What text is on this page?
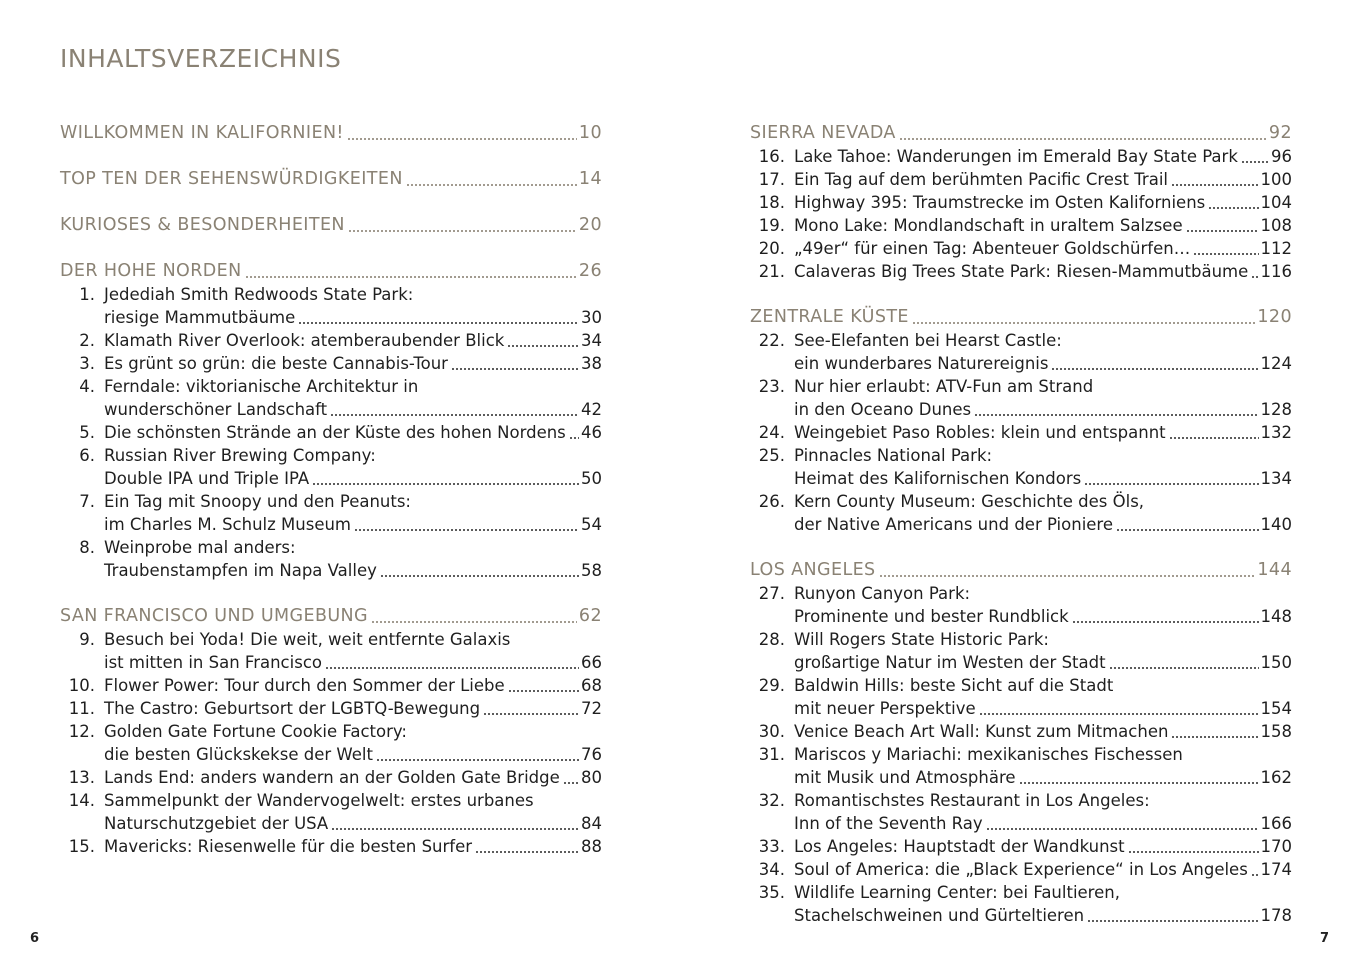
INHALTSVERZEICHNIS
WILLKOMMEN IN KALIFORNIEN!	10
TOP TEN DER SEHENSWÜRDIGKEITEN	14
KURIOSES & BESONDERHEITEN	20
DER HOHE NORDEN	26
1. Jedediah Smith Redwoods State Park:
riesige Mammutbäume	30
2. Klamath River Overlook: atemberaubender Blick	34
3. Es grünt so grün: die beste Cannabis-Tour	38
4. Ferndale: viktorianische Architektur in
wunderschöner Landschaft	42
5. Die schönsten Strände an der Küste des hohen Nordens 46
6. Russian River Brewing Company:
Double IPA und Triple IPA	50
7. Ein Tag mit Snoopy und den Peanuts:
im Charles M. Schulz Museum	54
8. Weinprobe mal anders:
Traubenstampfen im Napa Valley	58
SAN FRANCISCO UND UMGEBUNG	62
9. Besuch bei Yoda! Die weit, weit entfernte Galaxis
ist mitten in San Francisco	66
10. Flower Power: Tour durch den Sommer der Liebe	68
11. The Castro: Geburtsort der LGBTQ-Bewegung	72
12. Golden Gate Fortune Cookie Factory:
die besten Glückskekse der Welt	76
13. Lands End: anders wandern an der Golden Gate Bridge 80
14. Sammelpunkt der Wandervogelwelt: erstes urbanes
Naturschutzgebiet der USA	84
15. Mavericks: Riesenwelle für die besten Surfer	88
SIERRA NEVADA	92
16. Lake Tahoe: Wanderungen im Emerald Bay State Park 96
17. Ein Tag auf dem berühmten Pacific Crest Trail	100
18. Highway 395: Traumstrecke im Osten Kaliforniens	104
19. Mono Lake: Mondlandschaft in uraltem Salzsee	108
20. „49er“ für einen Tag: Abenteuer Goldschürfen…	112
21. Calaveras Big Trees State Park: Riesen-Mammutbäume 116
ZENTRALE KÜSTE	120
22. See-Elefanten bei Hearst Castle:
ein wunderbares Naturereignis	124
23. Nur hier erlaubt: ATV-Fun am Strand
in den Oceano Dunes	128
24. Weingebiet Paso Robles: klein und entspannt	132
25. Pinnacles National Park:
Heimat des Kalifornischen Kondors	134
26. Kern County Museum: Geschichte des Öls,
der Native Americans und der Pioniere	140
LOS ANGELES	144
27. Runyon Canyon Park:
Prominente und bester Rundblick	148
28. Will Rogers State Historic Park:
großartige Natur im Westen der Stadt	150
29. Baldwin Hills: beste Sicht auf die Stadt
mit neuer Perspektive	154
30. Venice Beach Art Wall: Kunst zum Mitmachen	158
31. Mariscos y Mariachi: mexikanisches Fischessen
mit Musik und Atmosphäre	162
32. Romantischstes Restaurant in Los Angeles:
Inn of the Seventh Ray	166
33. Los Angeles: Hauptstadt der Wandkunst	170
34. Soul of America: die „Black Experience“ in Los Angeles 174
35. Wildlife Learning Center: bei Faultieren,
Stachelschweinen und Gürteltieren	178
6	7
